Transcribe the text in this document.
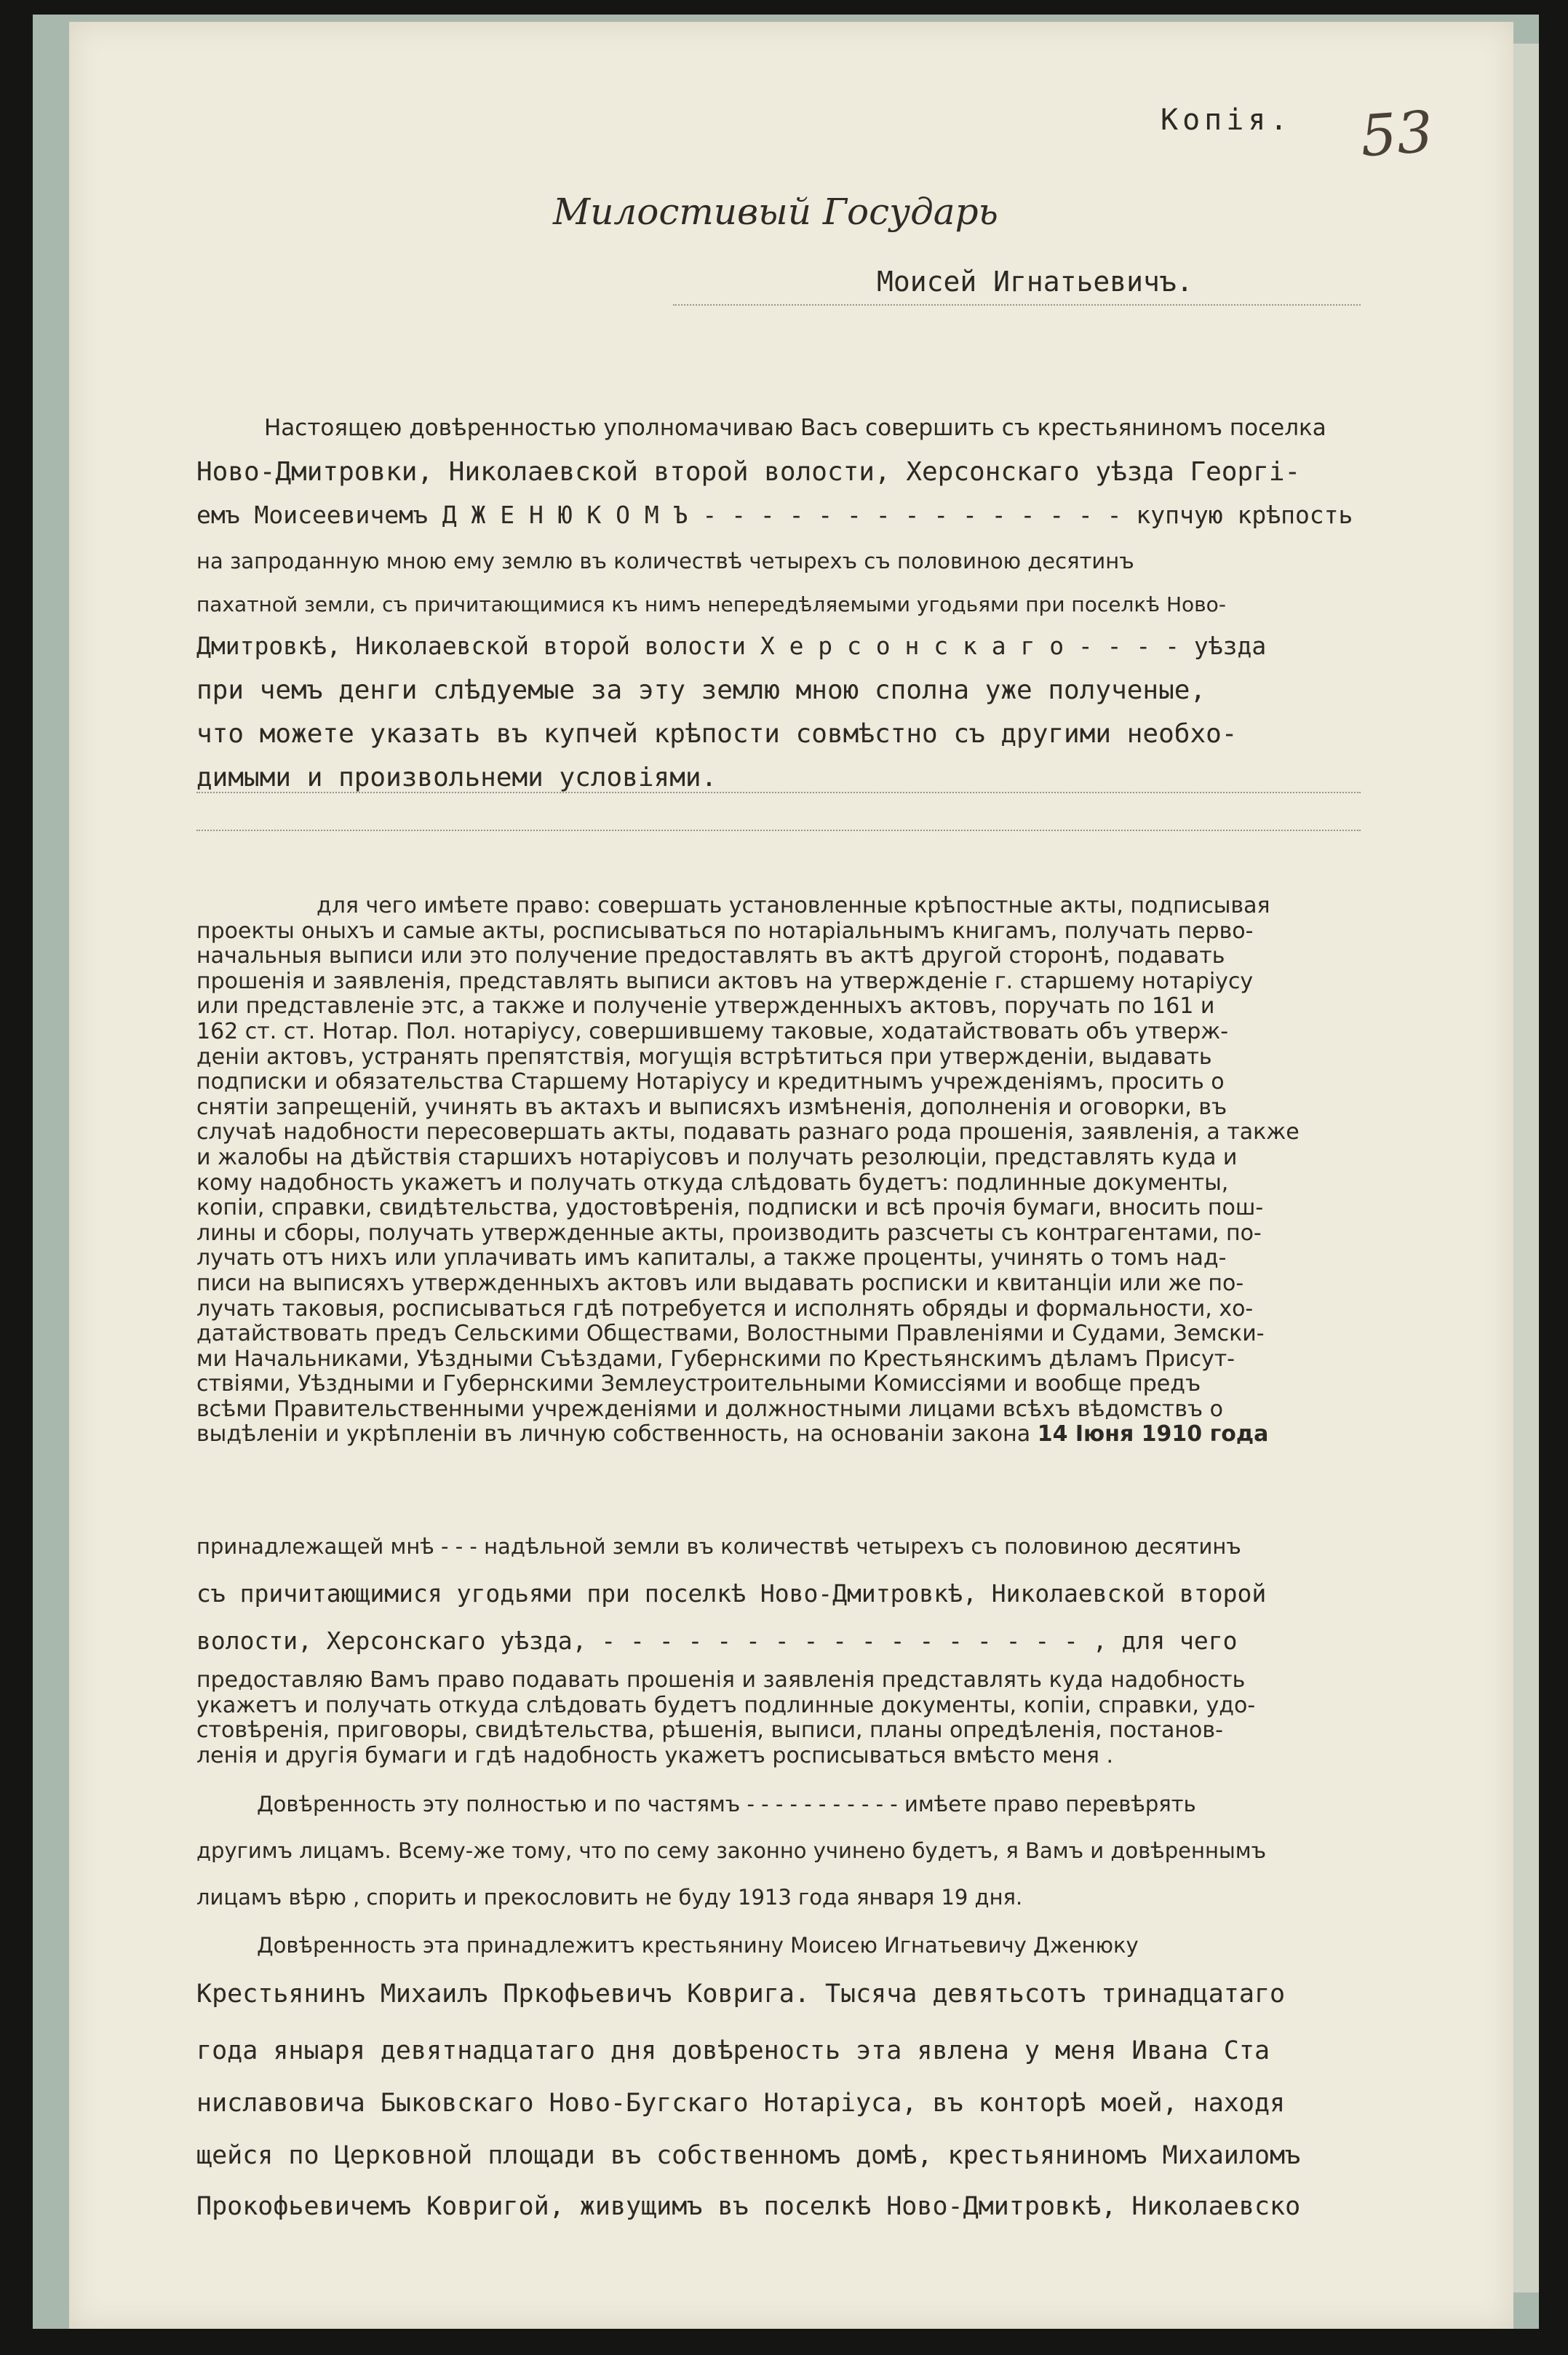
Копія. 53
Милостивый Государь
Моисей Игнатьевичъ.
Настоящею довѣренностью уполномачиваю Васъ совершить съ крестьяниномъ поселка
Ново-Дмитровки, Николаевской второй волости, Херсонскаго уѣзда Георгі-
емъ Моисеевичемъ Д Ж Е Н Ю К О М Ъ - - - - - - - - - - - - - - - купчую крѣпость
на запроданную мною ему землю въ количествѣ четырехъ съ половиною десятинъ
пахатной земли, съ причитающимися къ нимъ непередѣляемыми угодьями при поселкѣ Ново-
Дмитровкѣ, Николаевской второй волости Х е р с о н с к а г о - - - - уѣзда
при чемъ денги слѣдуемые за эту землю мною сполна уже полученые,
что можете указать въ купчей крѣпости совмѣстно съ другими необхо-
димыми и произвольнеми условіями.
для чего имѣете право: совершать установленные крѣпостные акты, подписывая
проекты оныхъ и самые акты, росписываться по нотаріальнымъ книгамъ, получать перво-
начальныя выписи или это получение предоставлять въ актѣ другой сторонѣ, подавать
прошенія и заявленія, представлять выписи актовъ на утвержденіе г. старшему нотаріусу
или представленіе этс, а также и полученіе утвержденныхъ актовъ, поручать по 161 и
162 ст. ст. Нотар. Пол. нотаріусу, совершившему таковые, ходатайствовать объ утверж-
деніи актовъ, устранять препятствія, могущія встрѣтиться при утвержденіи, выдавать
подписки и обязательства Старшему Нотаріусу и кредитнымъ учрежденіямъ, просить о
снятіи запрещеній, учинять въ актахъ и выписяхъ измѣненія, дополненія и оговорки, въ
случаѣ надобности пересовершать акты, подавать разнаго рода прошенія, заявленія, а также
и жалобы на дѣйствія старшихъ нотаріусовъ и получать резолюціи, представлять куда и
кому надобность укажетъ и получать откуда слѣдовать будетъ: подлинные документы,
копіи, справки, свидѣтельства, удостовѣренія, подписки и всѣ прочія бумаги, вносить пош-
лины и сборы, получать утвержденные акты, производить разсчеты съ контрагентами, по-
лучать отъ нихъ или уплачивать имъ капиталы, а также проценты, учинять о томъ над-
писи на выписяхъ утвержденныхъ актовъ или выдавать росписки и квитанціи или же по-
лучать таковыя, росписываться гдѣ потребуется и исполнять обряды и формальности, хо-
датайствовать предъ Сельскими Обществами, Волостными Правленіями и Судами, Земски-
ми Начальниками, Уѣздными Съѣздами, Губернскими по Крестьянскимъ дѣламъ Присут-
ствіями, Уѣздными и Губернскими Землеустроительными Комиссіями и вообще предъ
всѣми Правительственными учрежденіями и должностными лицами всѣхъ вѣдомствъ о
выдѣленіи и укрѣпленіи въ личную собственность, на основаніи закона 14 Іюня 1910 года
принадлежащей мнѣ - - - надѣльной земли въ количествѣ четырехъ съ половиною десятинъ
съ причитающимися угодьями при поселкѣ Ново-Дмитровкѣ, Николаевской второй
волости, Херсонскаго уѣзда, - - - - - - - - - - - - - - - - - , для чего
предоставляю Вамъ право подавать прошенія и заявленія представлять куда надобность
укажетъ и получать откуда слѣдовать будетъ подлинные документы, копіи, справки, удо-
стовѣренія, приговоры, свидѣтельства, рѣшенія, выписи, планы опредѣленія, постанов-
ленія и другія бумаги и гдѣ надобность укажетъ росписываться вмѣсто меня .
Довѣренность эту полностью и по частямъ - - - - - - - - - - - имѣете право перевѣрять
другимъ лицамъ. Всему-же тому, что по сему законно учинено будетъ, я Вамъ и довѣреннымъ
лицамъ вѣрю , спорить и прекословить не буду 1913 года января 19 дня.
Довѣренность эта принадлежитъ крестьянину Моисею Игнатьевичу Дженюку
Крестьянинъ Михаилъ Пркофьевичъ Коврига. Тысяча девятьсотъ тринадцатаго
года яныаря девятнадцатаго дня довѣреность эта явлена у меня Ивана Ста
ниславовича Быковскаго Ново-Бугскаго Нотаріуса, въ конторѣ моей, находя
щейся по Церковной площади въ собственномъ домѣ, крестьяниномъ Михаиломъ
Прокофьевичемъ Ковригой, живущимъ въ поселкѣ Ново-Дмитровкѣ, Николаевско
